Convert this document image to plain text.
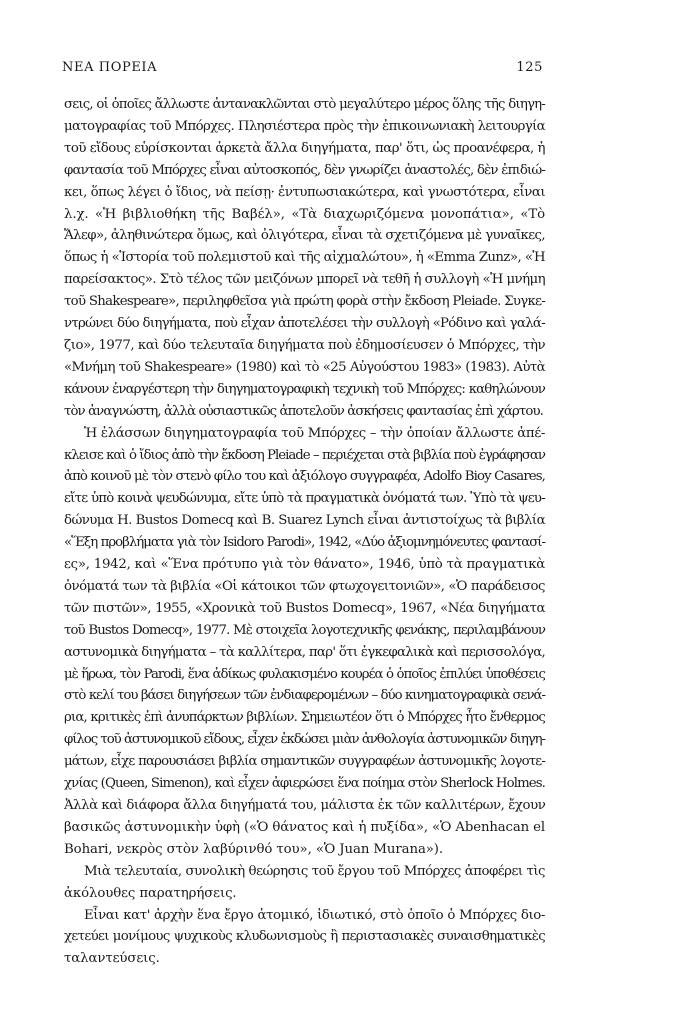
ΝΕΑ ΠΟΡΕΙΑ	125
σεις, οἱ ὁποῖες ἄλλωστε ἀντανακλῶνται στὸ μεγαλύτερο μέρος ὅλης τῆς διηγη-
ματογραφίας τοῦ Μπόρχες. Πλησιέστερα πρὸς τὴν ἐπικοινωνιακὴ λειτουργία
τοῦ εἴδους εὑρίσκονται ἀρκετὰ ἄλλα διηγήματα, παρ' ὅτι, ὡς προανέφερα, ἡ
φαντασία τοῦ Μπόρχες εἶναι αὐτοσκοπός, δὲν γνωρίζει ἀναστολές, δὲν ἐπιδιώ-
κει, ὅπως λέγει ὁ ἴδιος, νὰ πείσῃ· ἐντυπωσιακώτερα, καὶ γνωστότερα, εἶναι
λ.χ. «Ἡ βιβλιοθήκη τῆς Βαβέλ», «Τὰ διαχωριζόμενα μονοπάτια», «Τὸ
Ἄλεφ», ἀληθινώτερα ὅμως, καὶ ὀλιγότερα, εἶναι τὰ σχετιζόμενα μὲ γυναῖκες,
ὅπως ἡ «Ἱστορία τοῦ πολεμιστοῦ καὶ τῆς αἰχμαλώτου», ἡ «Emma Zunz», «Ἡ
παρείσακτος». Στὸ τέλος τῶν μειζόνων μπορεῖ νὰ τεθῆ ἡ συλλογὴ «Ἡ μνήμη
τοῦ Shakespeare», περιληφθεῖσα γιὰ πρώτη φορὰ στὴν ἔκδοση Pleiade. Συγκε-
ντρώνει δύο διηγήματα, ποὺ εἶχαν ἀποτελέσει τὴν συλλογὴ «Ρόδινο καὶ γαλά-
ζιο», 1977, καὶ δύο τελευταῖα διηγήματα ποὺ ἐδημοσίευσεν ὁ Μπόρχες, τὴν
«Μνήμη τοῦ Shakespeare» (1980) καὶ τὸ «25 Αὐγούστου 1983» (1983). Αὐτὰ
κάνουν ἐναργέστερη τὴν διηγηματογραφικὴ τεχνικὴ τοῦ Μπόρχες: καθηλώνουν
τὸν ἀναγνώστη, ἀλλὰ οὐσιαστικῶς ἀποτελοῦν ἀσκήσεις φαντασίας ἐπὶ χάρτου.
Ἡ ἐλάσσων διηγηματογραφία τοῦ Μπόρχες – τὴν ὁποίαν ἄλλωστε ἀπέ-
κλεισε καὶ ὁ ἴδιος ἀπὸ τὴν ἔκδοση Pleiade – περιέχεται στὰ βιβλία ποὺ ἐγράφησαν
ἀπὸ κοινοῦ μὲ τὸν στενὸ φίλο του καὶ ἀξιόλογο συγγραφέα, Adolfo Bioy Casares,
εἴτε ὑπὸ κοινὰ ψευδώνυμα, εἴτε ὑπὸ τὰ πραγματικὰ ὀνόματά των. Ὑπὸ τὰ ψευ-
δώνυμα H. Bustos Domecq καὶ B. Suarez Lynch εἶναι ἀντιστοίχως τὰ βιβλία
«Ἕξη προβλήματα γιὰ τὸν Isidoro Parodi», 1942, «Δύο ἀξιομνημόνευτες φαντασί-
ες», 1942, καὶ «Ἕνα πρότυπο γιὰ τὸν θάνατο», 1946, ὑπὸ τὰ πραγματικὰ
ὀνόματά των τὰ βιβλία «Οἱ κάτοικοι τῶν φτωχογειτονιῶν», «Ὁ παράδεισος
τῶν πιστῶν», 1955, «Χρονικὰ τοῦ Bustos Domecq», 1967, «Νέα διηγήματα
τοῦ Bustos Domecq», 1977. Μὲ στοιχεῖα λογοτεχνικῆς φενάκης, περιλαμβάνουν
αστυνομικὰ διηγήματα – τὰ καλλίτερα, παρ' ὅτι ἐγκεφαλικὰ καὶ περισσολόγα,
μὲ ἥρωα, τὸν Parodi, ἕνα ἀδίκως φυλακισμένο κουρέα ὁ ὁποῖος ἐπιλύει ὑποθέσεις
στὸ κελί του βάσει διηγήσεων τῶν ἐνδιαφερομένων – δύο κινηματογραφικὰ σενά-
ρια, κριτικὲς ἐπὶ ἀνυπάρκτων βιβλίων. Σημειωτέον ὅτι ὁ Μπόρχες ἦτο ἔνθερμος
φίλος τοῦ ἀστυνομικοῦ εἴδους, εἶχεν ἐκδώσει μιὰν ἀνθολογία ἀστυνομικῶν διηγη-
μάτων, εἶχε παρουσιάσει βιβλία σημαντικῶν συγγραφέων ἀστυνομικῆς λογοτε-
χνίας (Queen, Simenon), καὶ εἶχεν ἀφιερώσει ἕνα ποίημα στὸν Sherlock Holmes.
Ἀλλὰ καὶ διάφορα ἄλλα διηγήματά του, μάλιστα ἐκ τῶν καλλιτέρων, ἔχουν
βασικῶς ἀστυνομικὴν ὑφὴ («Ὁ θάνατος καὶ ἡ πυξίδα», «Ὁ Abenhacan el
Bohari, νεκρὸς στὸν λαβύρινθό του», «Ὁ Juan Murana»).
Μιὰ τελευταία, συνολικὴ θεώρησις τοῦ ἔργου τοῦ Μπόρχες ἀποφέρει τὶς
ἀκόλουθες παρατηρήσεις.
Εἶναι κατ' ἀρχὴν ἕνα ἔργο ἀτομικό, ἰδιωτικό, στὸ ὁποῖο ὁ Μπόρχες διο-
χετεύει μονίμους ψυχικοὺς κλυδωνισμοὺς ἢ περιστασιακὲς συναισθηματικὲς
ταλαντεύσεις.
